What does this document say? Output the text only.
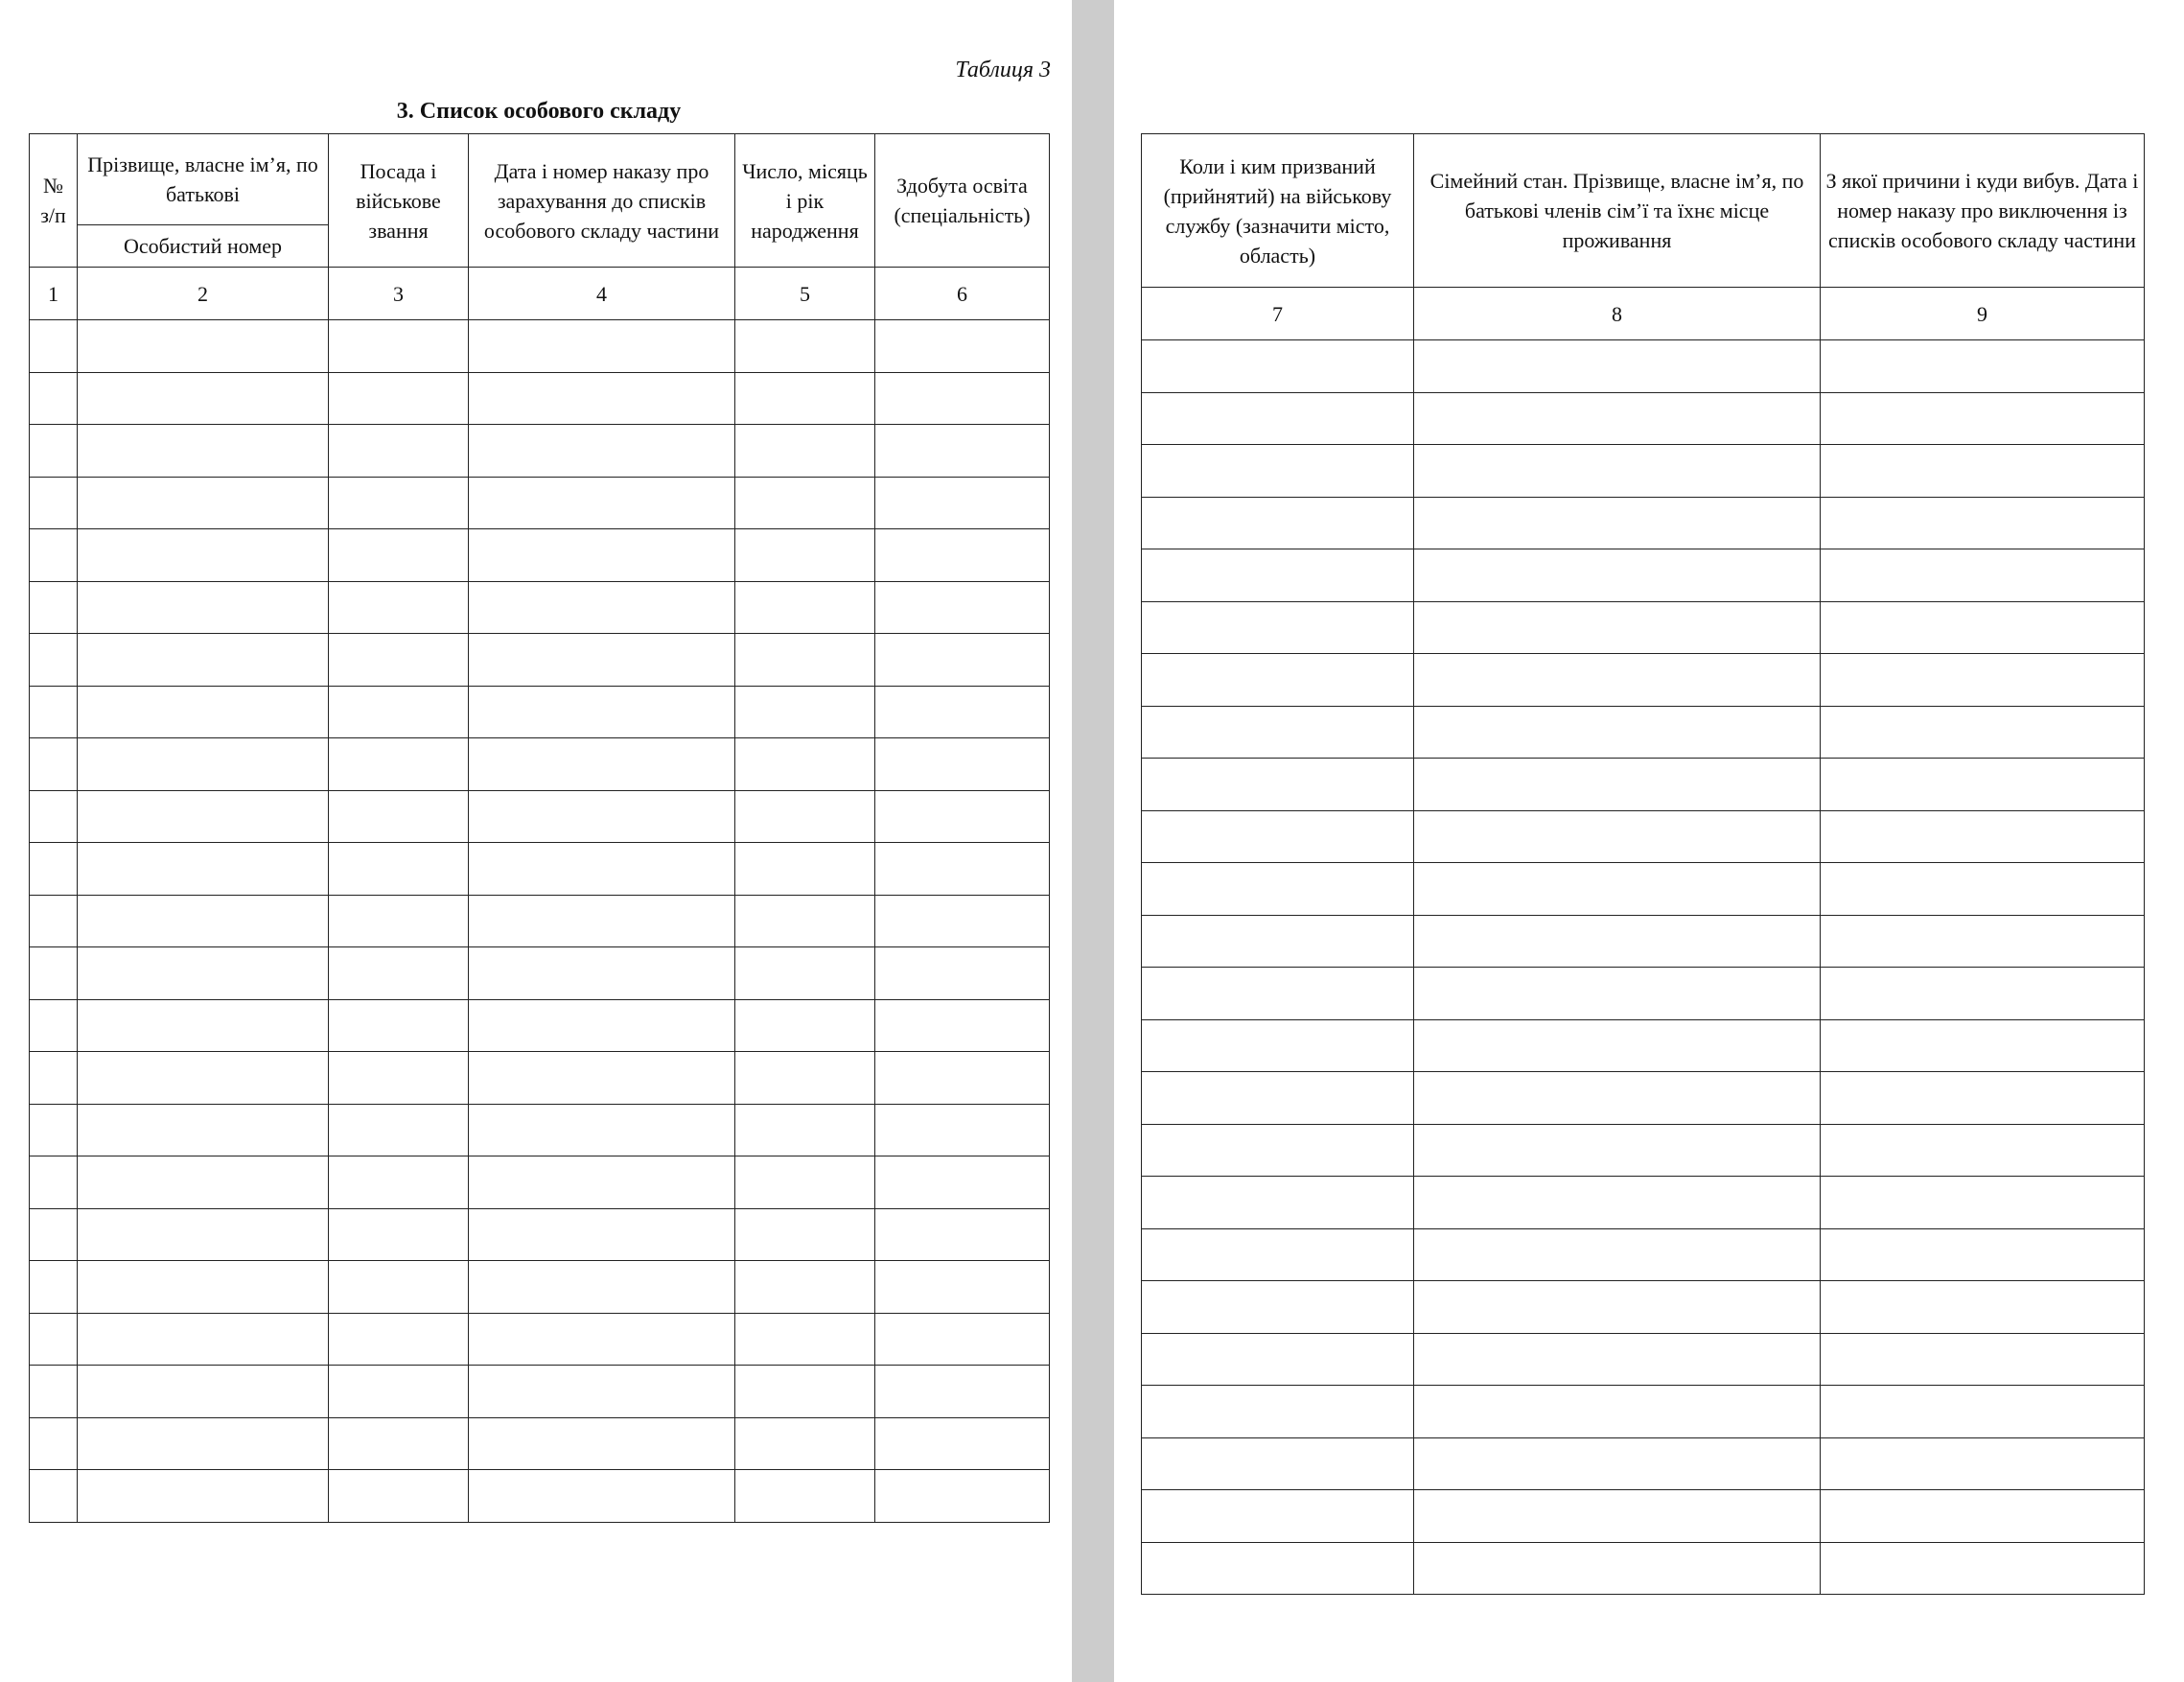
Таблиця 3
3. Список особового складу
№ з/п	Прізвище, власне ім’я, по батькові	Посада і військове звання	Дата і номер наказу про зарахування до списків особового складу частини	Число, місяць і рік народження	Здобута освіта (спеціальність)

	Особистий номер				

1	2	3	4	5	6

Коли і ким призваний (прийнятий) на військову службу (зазначити місто, область)	Сімейний стан. Прізвище, власне ім’я, по батькові членів сім’ї та їхнє місце проживання	З якої причини і куди вибув. Дата і номер наказу про виключення із списків особового складу частини

7	8	9
